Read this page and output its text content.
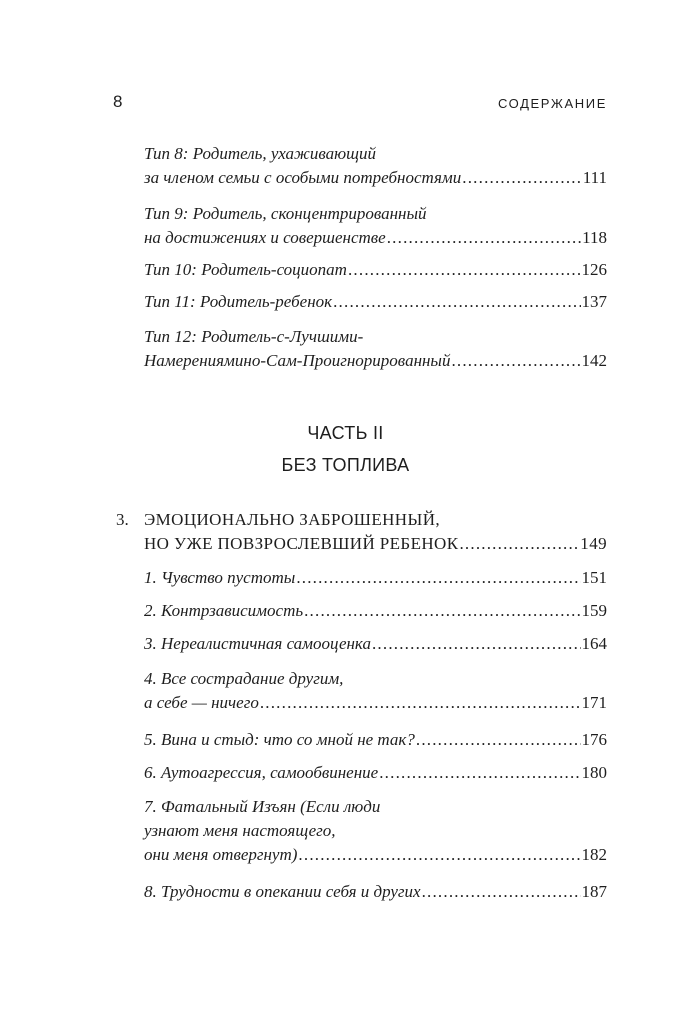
8	СОДЕРЖАНИЕ
Тип 8: Родитель, ухаживающий
за членом семьи с особыми потребностями .....	111
Тип 9: Родитель, сконцентрированный
на достижениях и совершенстве .....	118
Тип 10: Родитель-социопат .....	126
Тип 11: Родитель-ребенок .....	137
Тип 12: Родитель-с-Лучшими-
Намерениямино-Сам-Проигнорированный .....	142
ЧАСТЬ II
БЕЗ ТОПЛИВА
3. ЭМОЦИОНАЛЬНО ЗАБРОШЕННЫЙ,
НО УЖЕ ПОВЗРОСЛЕВШИЙ РЕБЕНОК .....	149
1. Чувство пустоты .....	151
2. Контрзависимость .....	159
3. Нереалистичная самооценка .....	164
4. Все сострадание другим,
а себе — ничего .....	171
5. Вина и стыд: что со мной не так? .....	176
6. Аутоагрессия, самообвинение .....	180
7. Фатальный Изъян (Если люди
узнают меня настоящего,
они меня отвергнут) .....	182
8. Трудности в опекании себя и других .....	187
